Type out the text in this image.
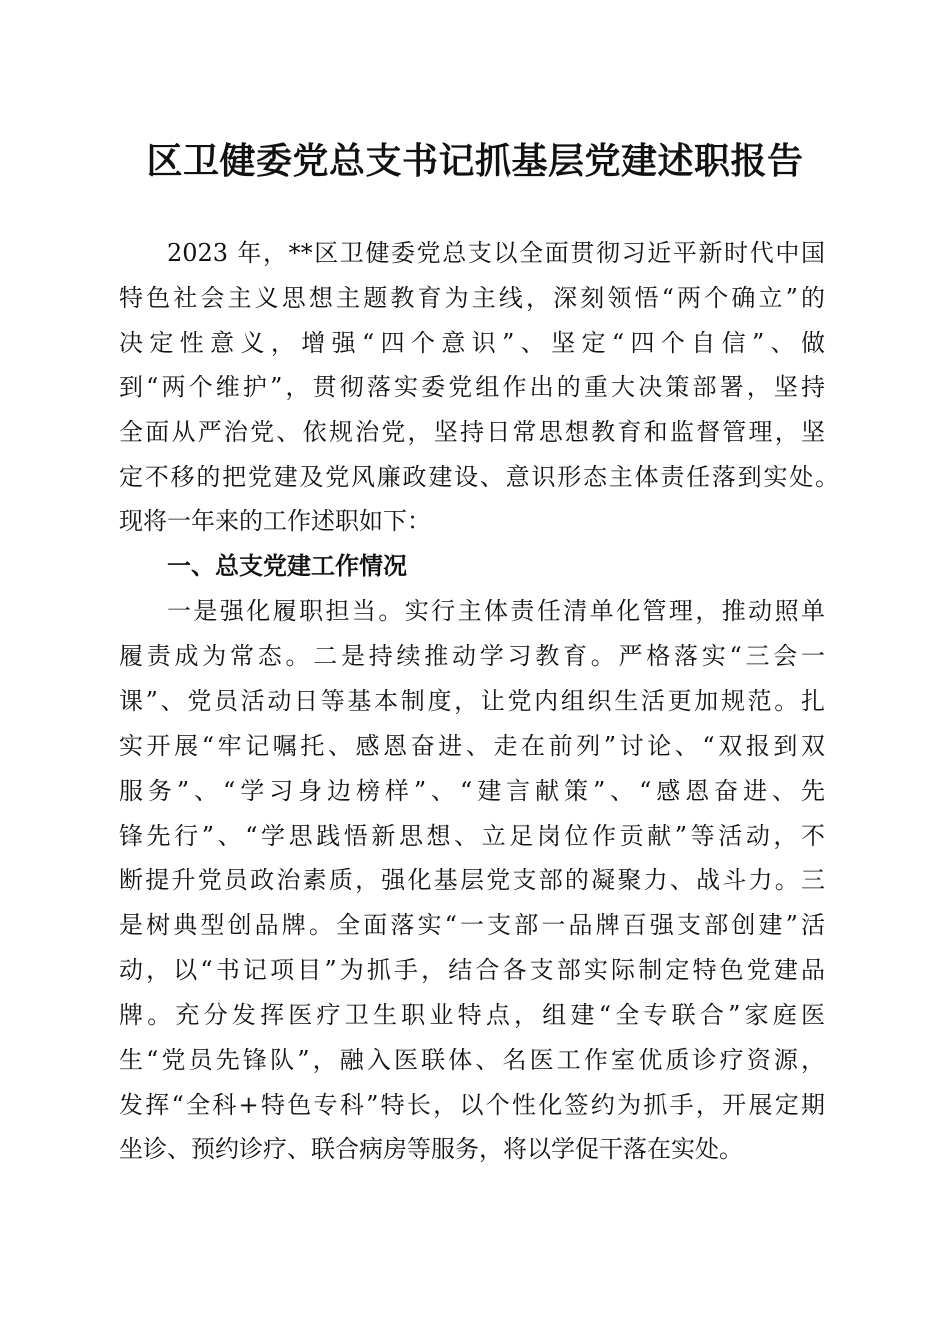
区卫健委党总支书记抓基层党建述职报告
2023 年，**区卫健委党总支以全面贯彻习近平新时代中国
特色社会主义思想主题教育为主线，深刻领悟“两个确立”的
决定性意义，增强“四个意识”、坚定“四个自信”、做
到“两个维护”，贯彻落实委党组作出的重大决策部署，坚持
全面从严治党、依规治党，坚持日常思想教育和监督管理，坚
定不移的把党建及党风廉政建设、意识形态主体责任落到实处。
现将一年来的工作述职如下：
一、总支党建工作情况
一是强化履职担当。实行主体责任清单化管理，推动照单
履责成为常态。二是持续推动学习教育。严格落实“三会一
课”、党员活动日等基本制度，让党内组织生活更加规范。扎
实开展“牢记嘱托、感恩奋进、走在前列”讨论、“双报到双
服务”、“学习身边榜样”、“建言献策”、“感恩奋进、先
锋先行”、“学思践悟新思想、立足岗位作贡献”等活动，不
断提升党员政治素质，强化基层党支部的凝聚力、战斗力。三
是树典型创品牌。全面落实“一支部一品牌百强支部创建”活
动，以“书记项目”为抓手，结合各支部实际制定特色党建品
牌。充分发挥医疗卫生职业特点，组建“全专联合”家庭医
生“党员先锋队”，融入医联体、名医工作室优质诊疗资源，
发挥“全科+特色专科”特长，以个性化签约为抓手，开展定期
坐诊、预约诊疗、联合病房等服务，将以学促干落在实处。
